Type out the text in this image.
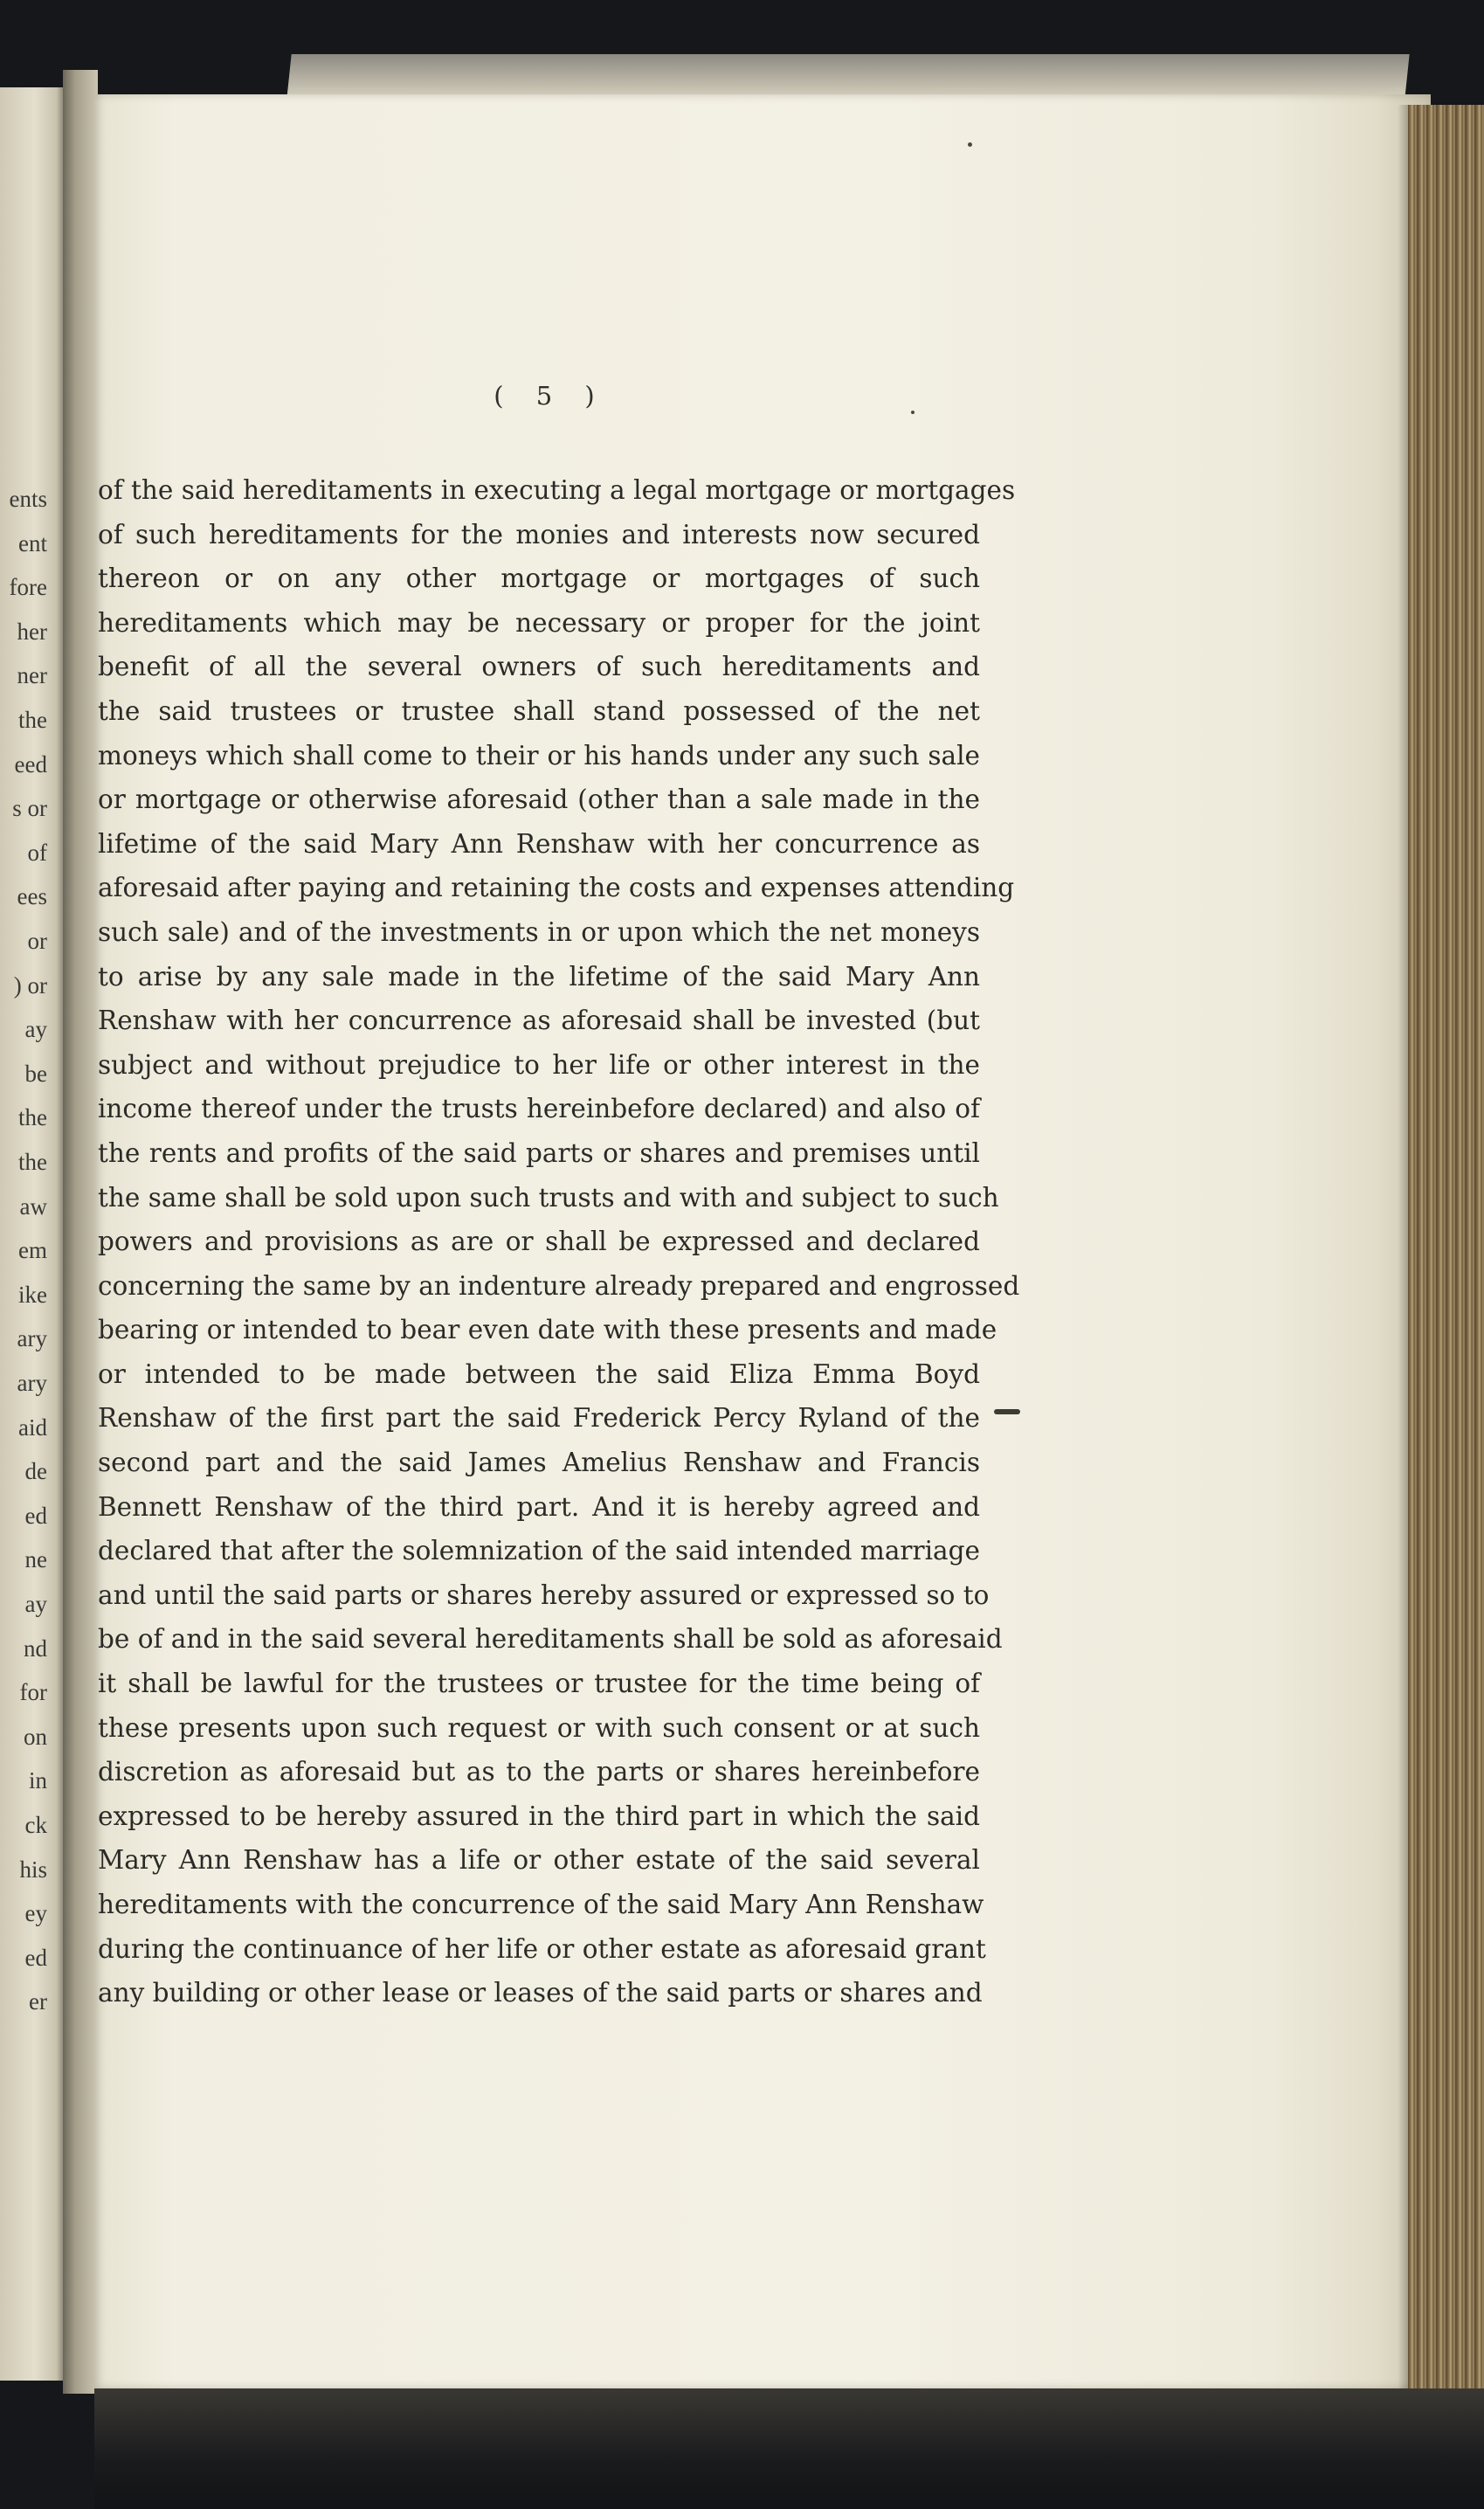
ents
ent
fore
her
ner
the
eed
s or
of
ees
or
) or
ay
be
the
the
aw
em
ike
ary
ary
aid
de
ed
ne
ay
nd
for
on
in
ck
his
ey
ed
er
( 5 )
of the said hereditaments in executing a legal mortgage or mortgages
of such hereditaments for the monies and interests now secured
thereon or on any other mortgage or mortgages of such
hereditaments which may be necessary or proper for the joint
benefit of all the several owners of such hereditaments and
the said trustees or trustee shall stand possessed of the net
moneys which shall come to their or his hands under any such sale
or mortgage or otherwise aforesaid (other than a sale made in the
lifetime of the said Mary Ann Renshaw with her concurrence as
aforesaid after paying and retaining the costs and expenses attending
such sale) and of the investments in or upon which the net moneys
to arise by any sale made in the lifetime of the said Mary Ann
Renshaw with her concurrence as aforesaid shall be invested (but
subject and without prejudice to her life or other interest in the
income thereof under the trusts hereinbefore declared) and also of
the rents and profits of the said parts or shares and premises until
the same shall be sold upon such trusts and with and subject to such
powers and provisions as are or shall be expressed and declared
concerning the same by an indenture already prepared and engrossed
bearing or intended to bear even date with these presents and made
or intended to be made between the said Eliza Emma Boyd
Renshaw of the first part the said Frederick Percy Ryland of the
second part and the said James Amelius Renshaw and Francis
Bennett Renshaw of the third part. And it is hereby agreed and
declared that after the solemnization of the said intended marriage
and until the said parts or shares hereby assured or expressed so to
be of and in the said several hereditaments shall be sold as aforesaid
it shall be lawful for the trustees or trustee for the time being of
these presents upon such request or with such consent or at such
discretion as aforesaid but as to the parts or shares hereinbefore
expressed to be hereby assured in the third part in which the said
Mary Ann Renshaw has a life or other estate of the said several
hereditaments with the concurrence of the said Mary Ann Renshaw
during the continuance of her life or other estate as aforesaid grant
any building or other lease or leases of the said parts or shares and
